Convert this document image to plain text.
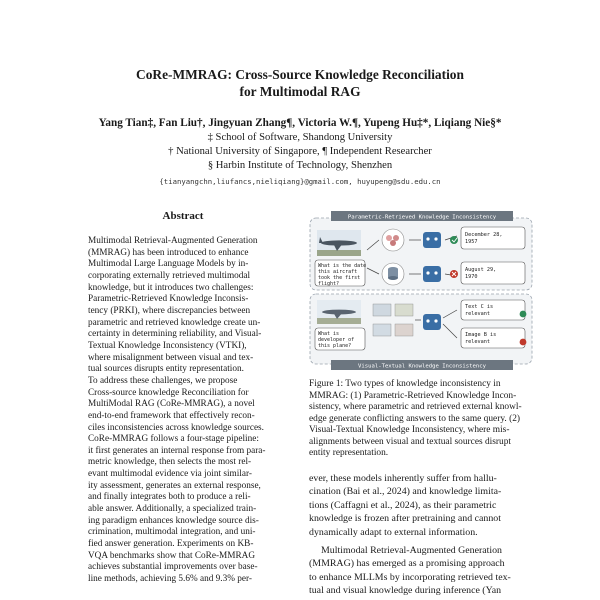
CoRe-MMRAG: Cross-Source Knowledge Reconciliation
for Multimodal RAG
Yang Tian‡, Fan Liu†, Jingyuan Zhang¶, Victoria W.¶, Yupeng Hu‡*, Liqiang Nie§*
‡ School of Software, Shandong University
† National University of Singapore, ¶ Independent Researcher
§ Harbin Institute of Technology, Shenzhen
{tianyangchn,liufancs,nieliqiang}@gmail.com, huyupeng@sdu.edu.cn
Abstract

Multimodal Retrieval-Augmented Generation

(MMRAG) has been introduced to enhance

Multimodal Large Language Models by in-

corporating externally retrieved multimodal

knowledge, but it introduces two challenges:

Parametric-Retrieved Knowledge Inconsis-

tency (PRKI), where discrepancies between

parametric and retrieved knowledge create un-

certainty in determining reliability, and Visual-

Textual Knowledge Inconsistency (VTKI),

where misalignment between visual and tex-

tual sources disrupts entity representation.

To address these challenges, we propose

Cross-source knowledge Reconciliation for

MultiModal RAG (CoRe-MMRAG), a novel

end-to-end framework that effectively recon-

ciles inconsistencies across knowledge sources.

CoRe-MMRAG follows a four-stage pipeline:

it first generates an internal response from para-

metric knowledge, then selects the most rel-

evant multimodal evidence via joint similar-

ity assessment, generates an external response,

and finally integrates both to produce a reli-

able answer. Additionally, a specialized train-

ing paradigm enhances knowledge source dis-

crimination, multimodal integration, and uni-

fied answer generation. Experiments on KB-

VQA benchmarks show that CoRe-MMRAG

achieves substantial improvements over base-

line methods, achieving 5.6% and 9.3% per-

Parametric-Retrieved Knowledge Inconsistency
What is the date this aircraft took the first flight?
December 28, 1957
August 29, 1970
Visual-Textual Knowledge Inconsistency
What is developer of this plane?
Text C is relevant
Image B is relevant

Figure 1: Two types of knowledge inconsistency in

MMRAG: (1) Parametric-Retrieved Knowledge Incon-

sistency, where parametric and retrieved external knowl-

edge generate conflicting answers to the same query. (2)

Visual-Textual Knowledge Inconsistency, where mis-

alignments between visual and textual sources disrupt

entity representation.

ever, these models inherently suffer from hallu-

cination (Bai et al., 2024) and knowledge limita-

tions (Caffagni et al., 2024), as their parametric

knowledge is frozen after pretraining and cannot

dynamically adapt to external information.

Multimodal Retrieval-Augmented Generation

(MMRAG) has emerged as a promising approach

to enhance MLLMs by incorporating retrieved tex-

tual and visual knowledge during inference (Yan
